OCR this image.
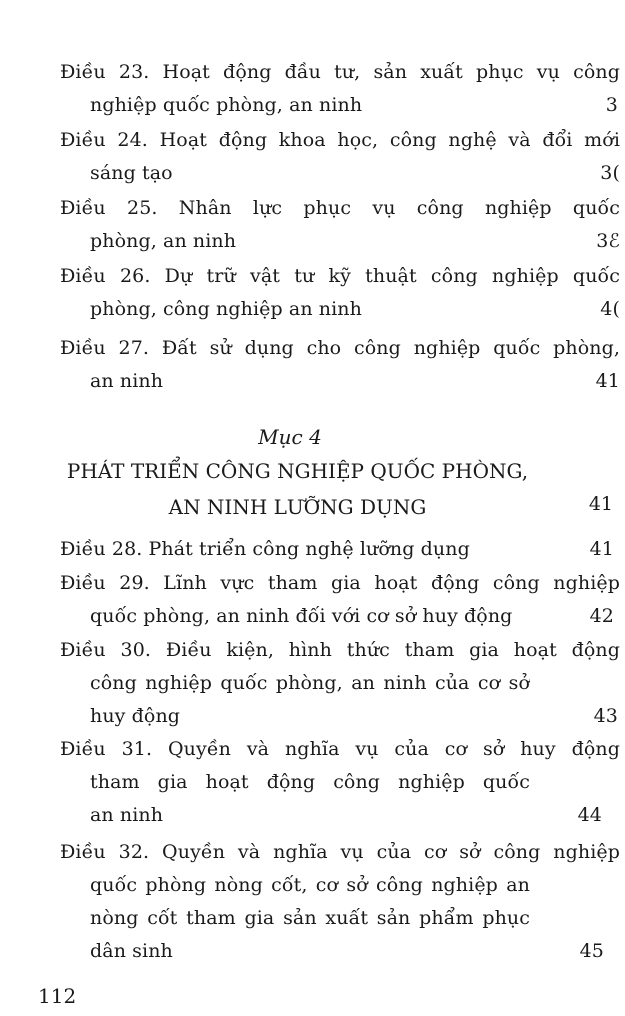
Điều 23. Hoạt động đầu tư, sản xuất phục vụ công
nghiệp quốc phòng, an ninh	3
Điều 24. Hoạt động khoa học, công nghệ và đổi mới
sáng tạo	3(
Điều 25. Nhân lực phục vụ công nghiệp quốc
phòng, an ninh	3ℰ
Điều 26. Dự trữ vật tư kỹ thuật công nghiệp quốc
phòng, công nghiệp an ninh	4(
Điều 27. Đất sử dụng cho công nghiệp quốc phòng,
an ninh	41
Mục 4
PHÁT TRIỂN CÔNG NGHIỆP QUỐC PHÒNG,
AN NINH LƯỠNG DỤNG	41
Điều 28. Phát triển công nghệ lưỡng dụng	41
Điều 29. Lĩnh vực tham gia hoạt động công nghiệp
quốc phòng, an ninh đối với cơ sở huy động	42
Điều 30. Điều kiện, hình thức tham gia hoạt động
công nghiệp quốc phòng, an ninh của cơ sở
huy động	43
Điều 31. Quyền và nghĩa vụ của cơ sở huy động
tham gia hoạt động công nghiệp quốc
an ninh	44
Điều 32. Quyền và nghĩa vụ của cơ sở công nghiệp
quốc phòng nòng cốt, cơ sở công nghiệp an
nòng cốt tham gia sản xuất sản phẩm phục
dân sinh	45
112
